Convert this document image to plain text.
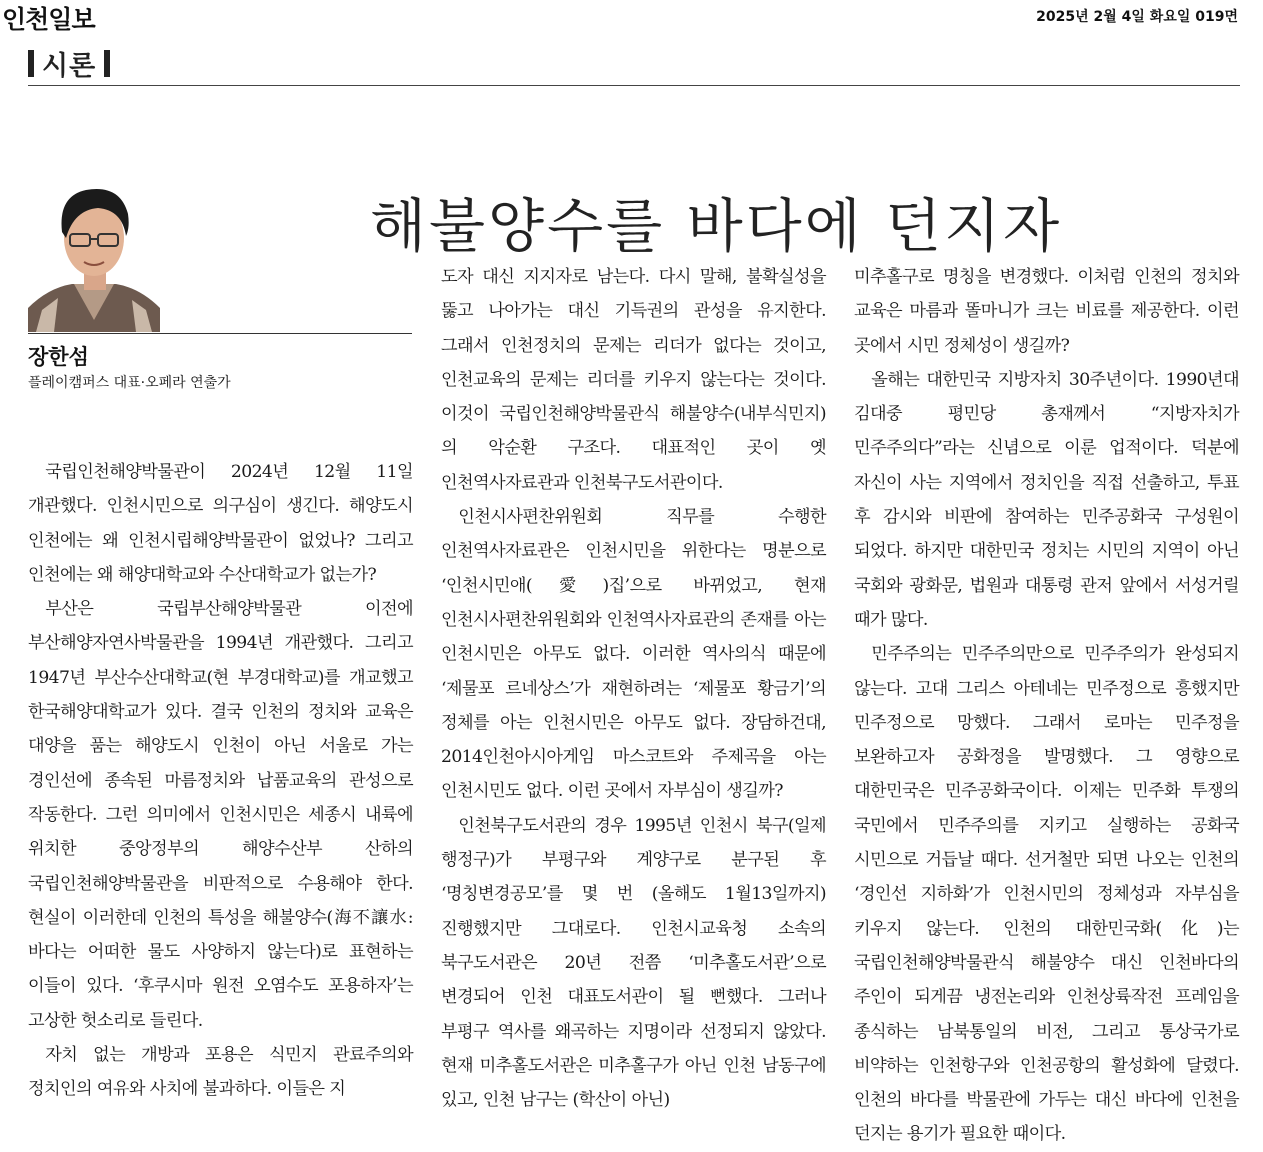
인천일보	2025년 2월 4일 화요일 019면
시론
해불양수를 바다에 던지자
장한섬
플레이캠퍼스 대표·오페라 연출가

국립인천해양박물관이 2024년 12월 11일 개관했다. 인천시민으로 의구심이 생긴다. 해양도시 인천에는 왜 인천시립해양박물관이 없었나? 그리고 인천에는 왜 해양대학교와 수산대학교가 없는가?

부산은 국립부산해양박물관 이전에 부산해양자연사박물관을 1994년 개관했다. 그리고 1947년 부산수산대학교(현 부경대학교)를 개교했고 한국해양대학교가 있다. 결국 인천의 정치와 교육은 대양을 품는 해양도시 인천이 아닌 서울로 가는 경인선에 종속된 마름정치와 납품교육의 관성으로 작동한다. 그런 의미에서 인천시민은 세종시 내륙에 위치한 중앙정부의 해양수산부 산하의 국립인천해양박물관을 비판적으로 수용해야 한다. 현실이 이러한데 인천의 특성을 해불양수(海不讓水: 바다는 어떠한 물도 사양하지 않는다)로 표현하는 이들이 있다. ‘후쿠시마 원전 오염수도 포용하자’는 고상한 헛소리로 들린다.

자치 없는 개방과 포용은 식민지 관료주의와 정치인의 여유와 사치에 불과하다. 이들은 지

도자 대신 지지자로 남는다. 다시 말해, 불확실성을 뚫고 나아가는 대신 기득권의 관성을 유지한다. 그래서 인천정치의 문제는 리더가 없다는 것이고, 인천교육의 문제는 리더를 키우지 않는다는 것이다. 이것이 국립인천해양박물관식 해불양수(내부식민지)의 악순환 구조다. 대표적인 곳이 옛 인천역사자료관과 인천북구도서관이다.

인천시사편찬위원회 직무를 수행한 인천역사자료관은 인천시민을 위한다는 명분으로 ‘인천시민애(愛)집’으로 바뀌었고, 현재 인천시사편찬위원회와 인천역사자료관의 존재를 아는 인천시민은 아무도 없다. 이러한 역사의식 때문에 ‘제물포 르네상스’가 재현하려는 ‘제물포 황금기’의 정체를 아는 인천시민은 아무도 없다. 장담하건대, 2014인천아시아게임 마스코트와 주제곡을 아는 인천시민도 없다. 이런 곳에서 자부심이 생길까?

인천북구도서관의 경우 1995년 인천시 북구(일제 행정구)가 부평구와 계양구로 분구된 후 ‘명칭변경공모’를 몇 번 (올해도 1월13일까지) 진행했지만 그대로다. 인천시교육청 소속의 북구도서관은 20년 전쯤 ‘미추홀도서관’으로 변경되어 인천 대표도서관이 될 뻔했다. 그러나 부평구 역사를 왜곡하는 지명이라 선정되지 않았다. 현재 미추홀도서관은 미추홀구가 아닌 인천 남동구에 있고, 인천 남구는 (학산이 아닌)

미추홀구로 명칭을 변경했다. 이처럼 인천의 정치와 교육은 마름과 똘마니가 크는 비료를 제공한다. 이런 곳에서 시민 정체성이 생길까?

올해는 대한민국 지방자치 30주년이다. 1990년대 김대중 평민당 총재께서 “지방자치가 민주주의다”라는 신념으로 이룬 업적이다. 덕분에 자신이 사는 지역에서 정치인을 직접 선출하고, 투표 후 감시와 비판에 참여하는 민주공화국 구성원이 되었다. 하지만 대한민국 정치는 시민의 지역이 아닌 국회와 광화문, 법원과 대통령 관저 앞에서 서성거릴 때가 많다.

민주주의는 민주주의만으로 민주주의가 완성되지 않는다. 고대 그리스 아테네는 민주정으로 흥했지만 민주정으로 망했다. 그래서 로마는 민주정을 보완하고자 공화정을 발명했다. 그 영향으로 대한민국은 민주공화국이다. 이제는 민주화 투쟁의 국민에서 민주주의를 지키고 실행하는 공화국 시민으로 거듭날 때다. 선거철만 되면 나오는 인천의 ‘경인선 지하화’가 인천시민의 정체성과 자부심을 키우지 않는다. 인천의 대한민국화(化)는 국립인천해양박물관식 해불양수 대신 인천바다의 주인이 되게끔 냉전논리와 인천상륙작전 프레임을 종식하는 남북통일의 비전, 그리고 통상국가로 비약하는 인천항구와 인천공항의 활성화에 달렸다. 인천의 바다를 박물관에 가두는 대신 바다에 인천을 던지는 용기가 필요한 때이다.
